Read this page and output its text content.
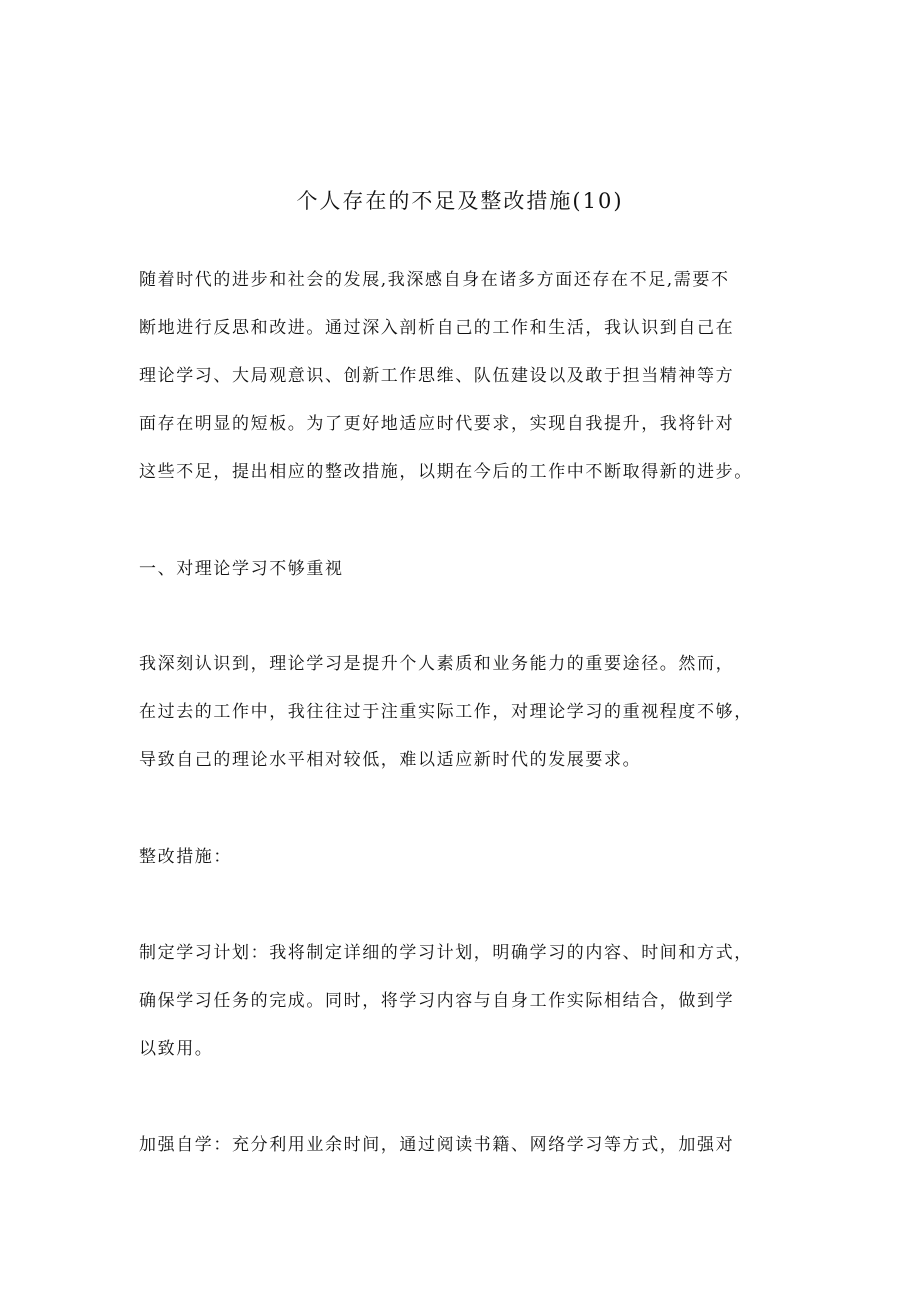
个人存在的不足及整改措施(10)
随着时代的进步和社会的发展,我深感自身在诸多方面还存在不足,需要不
断地进行反思和改进。通过深入剖析自己的工作和生活，我认识到自己在
理论学习、大局观意识、创新工作思维、队伍建设以及敢于担当精神等方
面存在明显的短板。为了更好地适应时代要求，实现自我提升，我将针对
这些不足，提出相应的整改措施，以期在今后的工作中不断取得新的进步。
一、对理论学习不够重视
我深刻认识到，理论学习是提升个人素质和业务能力的重要途径。然而，
在过去的工作中，我往往过于注重实际工作，对理论学习的重视程度不够，
导致自己的理论水平相对较低，难以适应新时代的发展要求。
整改措施：
制定学习计划：我将制定详细的学习计划，明确学习的内容、时间和方式，
确保学习任务的完成。同时，将学习内容与自身工作实际相结合，做到学
以致用。
加强自学：充分利用业余时间，通过阅读书籍、网络学习等方式，加强对
